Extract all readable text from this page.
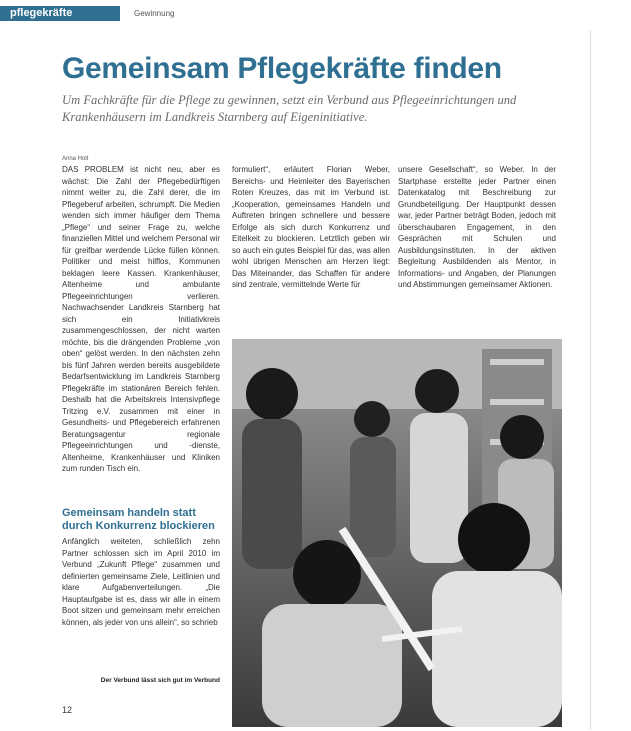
pflegekräfte	Gewinnung
Gemeinsam Pflegekräfte finden
Um Fachkräfte für die Pflege zu gewinnen, setzt ein Verbund aus Pflegeeinrichtungen und Krankenhäusern im Landkreis Starnberg auf Eigeninitiative.
Anna Holt
DAS PROBLEM ist nicht neu, aber es wächst: Die Zahl der Pflegebedürftigen nimmt weiter zu, die Zahl derer, die im Pflegeberuf arbeiten, schrumpft. Die Medien wenden sich immer häufiger dem Thema „Pflege“ und seiner Frage zu, welche finanziellen Mittel und welchem Personal wir für greifbar werdende Lücke füllen können. Politiker und meist hilflos, Kommunen beklagen leere Kassen. Krankenhäuser, Altenheime und ambulante Pflegeeinrichtungen verlieren. Nachwachsender Landkreis Starnberg hat sich ein Initiativkreis zusammengeschlossen, der nicht warten möchte, bis die drängenden Probleme „von oben“ gelöst werden. In den nächsten zehn bis fünf Jahren werden bereits ausgebildete Bedarfsentwicklung im Landkreis Starnberg Pflegekräfte im stationären Bereich fehlen. Deshalb hat die Arbeitskreis Intensivpflege Tritzing e.V. zusammen mit einer in Gesundheits- und Pflegebereich erfahrenen Beratungsagentur regionale Pflegeeinrichtungen und -dienste, Altenheime, Krankenhäuser und Kliniken zum runden Tisch ein.
formuliert“, erläutert Florian Weber, Bereichs- und Heimleiter des Bayerischen Roten Kreuzes, das mit im Verbund ist. „Kooperation, gemeinsames Handeln und Auftreten bringen schnellere und bessere Erfolge als sich durch Konkurrenz und Eitelkeit zu blockieren. Letztlich geben wir so auch ein gutes Beispiel für das, was allen wohl übrigen Menschen am Herzen liegt: Das Miteinander, das Schaffen für andere sind zentrale, vermittelnde Werte für
unsere Gesellschaft“, so Weber. In der Startphase erstellte jeder Partner einen Datenkatalog mit Beschreibung zur Grundbeteiligung. Der Hauptpunkt dessen war, jeder Partner beträgt Boden, jedoch mit überschaubaren Engagement, in den Gesprächen mit Schulen und Ausbildungsinstituten. In der aktiven Begleitung Ausbildenden als Mentor, in Informations- und Angaben, der Planungen und Abstimmungen gemeinsamer Aktionen.
Gemeinsam handeln statt durch Konkurrenz blockieren
Anfänglich weiteten, schließlich zehn Partner schlossen sich im April 2010 im Verbund „Zukunft Pflege“ zusammen und definierten gemeinsame Ziele, Leitlinien und klare Aufgabenverteilungen. „Die Hauptaufgabe ist es, dass wir alle in einem Boot sitzen und gemeinsam mehr erreichen können, als jeder von uns allein“, so schrieb
Der Verbund lässt sich gut im Verbund
12
